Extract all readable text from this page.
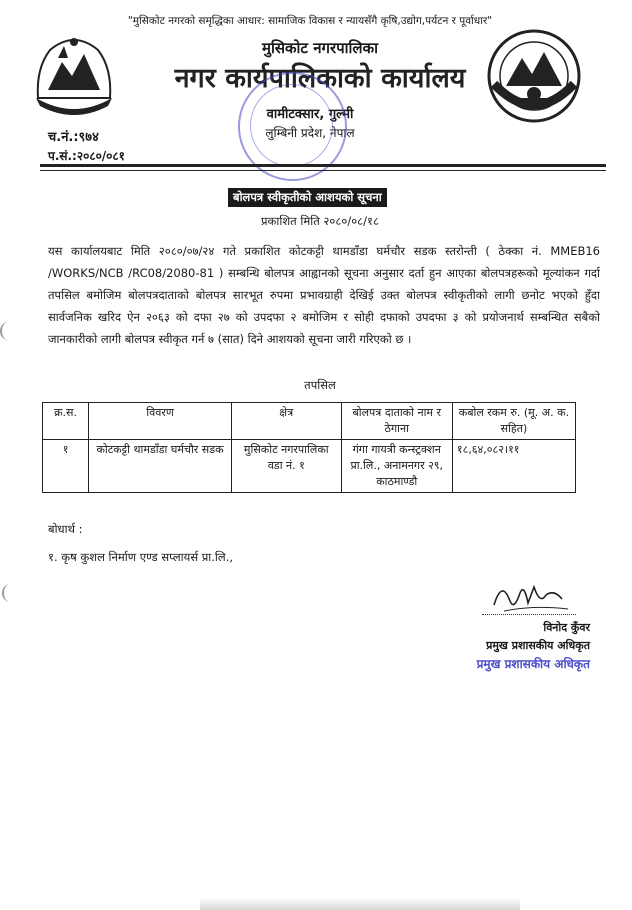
"मुसिकोट नगरको समृद्धिका आधार: सामाजिक विकास र न्यायसँगै कृषि,उद्योग,पर्यटन र पूर्वाधार"
मुसिकोट नगरपालिका
नगर कार्यपालिकाको कार्यालय
वामीटक्सार, गुल्मी
लुम्बिनी प्रदेश, नेपाल
च.नं.:९७४
प.सं.:२०८०/०८१
बोलपत्र स्वीकृतीको आशयको सूचना
प्रकाशित मिति २०८०/०८/१८
यस कार्यालयबाट मिति २०८०/०७/२४ गते प्रकाशित कोटकट्टी थामडाँडा घर्मचौर सडक स्तरोन्ती ( ठेक्का नं. MMEB16 /WORKS/NCB /RC08/2080-81 ) सम्बन्धि बोलपत्र आह्वानको सूचना अनुसार दर्ता हुन आएका बोलपत्रहरूको मूल्यांकन गर्दा तपसिल बमोजिम बोलपत्रदाताको बोलपत्र सारभूत रुपमा प्रभावग्राही देखिई उक्त बोलपत्र स्वीकृतीको लागी छनोट भएको हुँदा सार्वजनिक खरिद ऐन २०६३ को दफा २७ को उपदफा २ बमोजिम र सोही दफाको उपदफा ३ को प्रयोजनार्थ सम्बन्धित सबैको जानकारीको लागी बोलपत्र स्वीकृत गर्न ७ (सात) दिने आशयको सूचना जारी गरिएको छ ।
तपसिल
क्र.स.	विवरण	क्षेत्र	बोलपत्र दाताको नाम र ठेगाना	कबोल रकम रु. (मू. अ. क. सहित)
१	कोटकट्टी थामडाँडा घर्मचौर सडक	मुसिकोट नगरपालिका वडा नं. १	गंगा गायत्री कन्स्ट्रक्शन प्रा.लि., अनामनगर २९, काठमाण्डौ	१८,६४,०८२।११
बोधार्थ :
१. कृष कुशल निर्माण एण्ड सप्लायर्स प्रा.लि.,
विनोद कुँवर
प्रमुख प्रशासकीय अधिकृत
प्रमुख प्रशासकीय अधिकृत
